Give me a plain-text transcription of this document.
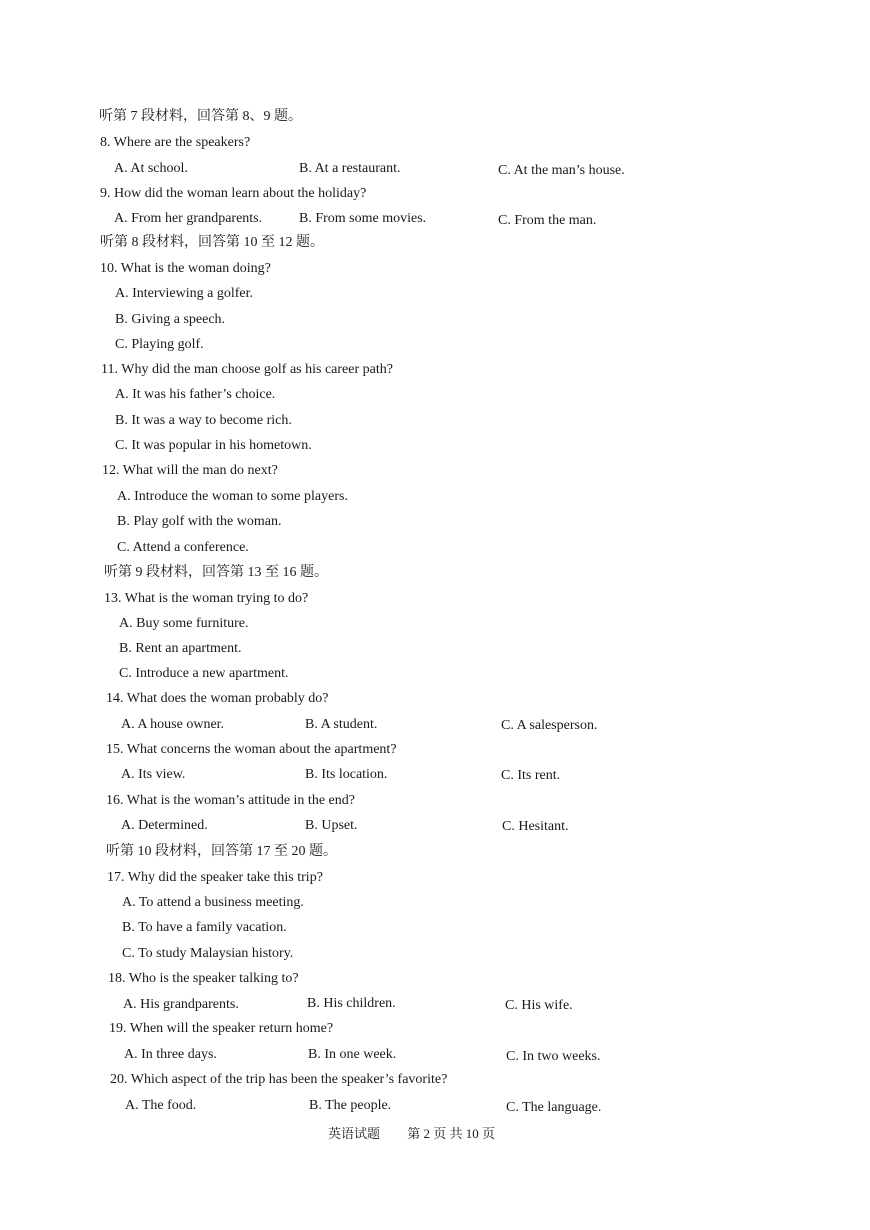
听第 7 段材料，回答第 8、9 题。
8. Where are the speakers?
A. At school.	B. At a restaurant.	C. At the man’s house.
9. How did the woman learn about the holiday?
A. From her grandparents.	B. From some movies.	C. From the man.
听第 8 段材料，回答第 10 至 12 题。
10. What is the woman doing?
A. Interviewing a golfer.
B. Giving a speech.
C. Playing golf.
11. Why did the man choose golf as his career path?
A. It was his father’s choice.
B. It was a way to become rich.
C. It was popular in his hometown.
12. What will the man do next?
A. Introduce the woman to some players.
B. Play golf with the woman.
C. Attend a conference.
听第 9 段材料，回答第 13 至 16 题。
13. What is the woman trying to do?
A. Buy some furniture.
B. Rent an apartment.
C. Introduce a new apartment.
14. What does the woman probably do?
A. A house owner.	B. A student.	C. A salesperson.
15. What concerns the woman about the apartment?
A. Its view.	B. Its location.	C. Its rent.
16. What is the woman’s attitude in the end?
A. Determined.	B. Upset.	C. Hesitant.
听第 10 段材料，回答第 17 至 20 题。
17. Why did the speaker take this trip?
A. To attend a business meeting.
B. To have a family vacation.
C. To study Malaysian history.
18. Who is the speaker talking to?
A. His grandparents.	B. His children.	C. His wife.
19. When will the speaker return home?
A. In three days.	B. In one week.	C. In two weeks.
20. Which aspect of the trip has been the speaker’s favorite?
A. The food.	B. The people.	C. The language.
英语试题 第 2 页 共 10 页
